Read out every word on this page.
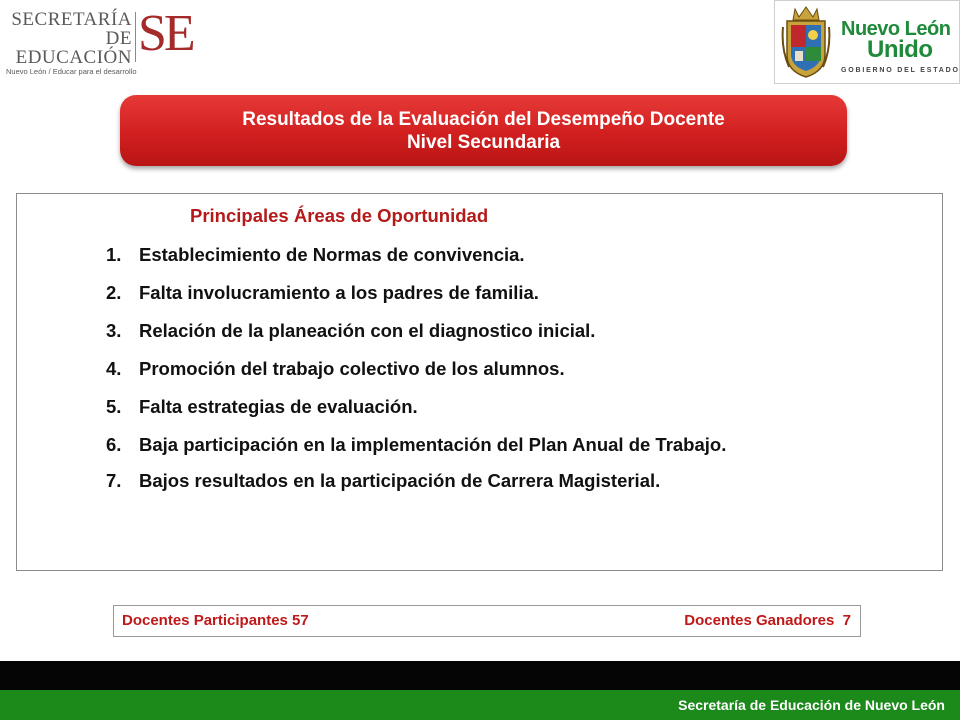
SECRETARÍA
DE EDUCACIÓN
Nuevo León / Educar para el desarrollo
SE	Nuevo León
Unido
GOBIERNO DEL ESTADO
Resultados de la Evaluación del Desempeño Docente
Nivel Secundaria
Principales Áreas de Oportunidad
1. Establecimiento de Normas de convivencia.
2. Falta involucramiento a los padres de familia.
3. Relación de la planeación con el diagnostico inicial.
4. Promoción del trabajo colectivo de los alumnos.
5. Falta estrategias de evaluación.
6. Baja participación en la implementación del Plan Anual de Trabajo.
7. Bajos resultados en la participación de Carrera Magisterial.
Docentes Participantes 57	Docentes Ganadores  7
Secretaría de Educación de Nuevo León
